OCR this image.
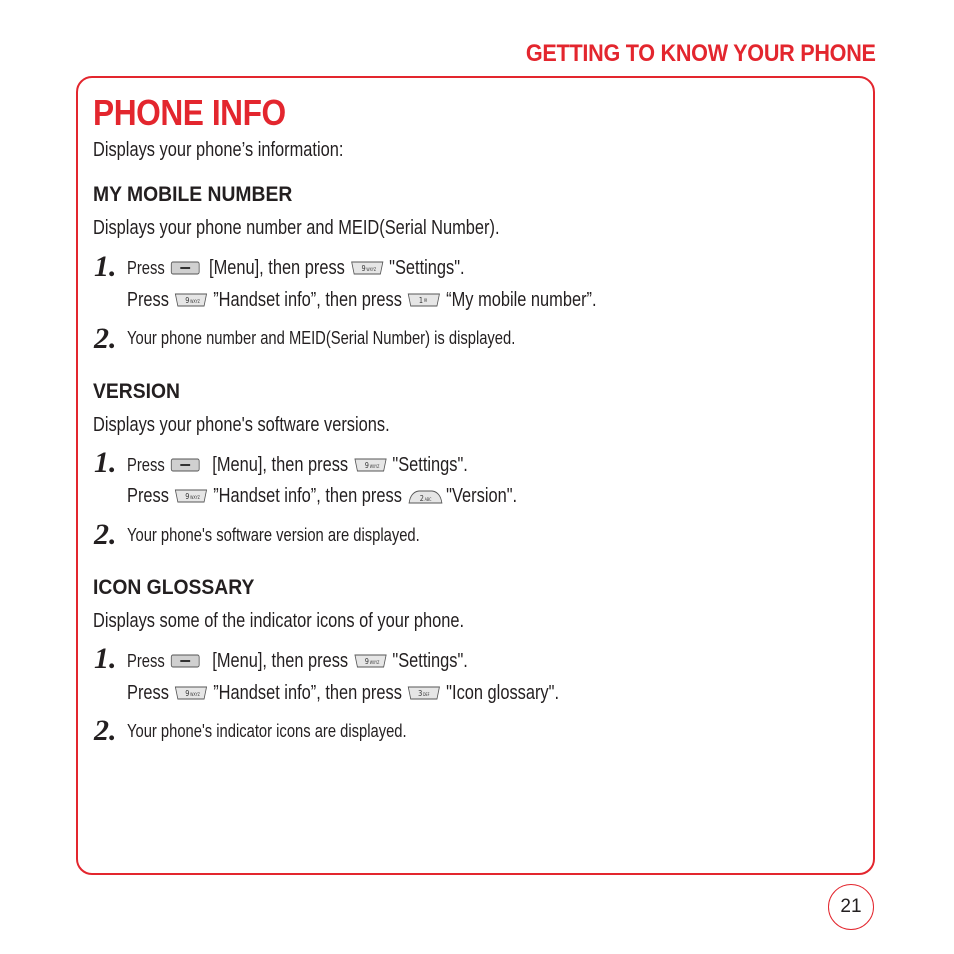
GETTING TO KNOW YOUR PHONE
PHONE INFO
Displays your phone’s information:
MY MOBILE NUMBER
Displays your phone number and MEID(Serial Number).
1. Press [Menu], then press 9 WXYZ "Settings".
Press 9 WXYZ ”Handset info”, then press 1 ✉ “My mobile number”.
2. Your phone number and MEID(Serial Number) is displayed.
VERSION
Displays your phone's software versions.
1. Press [Menu], then press 9 WXYZ "Settings".
Press 9 WXYZ ”Handset info”, then press 2 ABC "Version".
2. Your phone's software version are displayed.
ICON GLOSSARY
Displays some of the indicator icons of your phone.
1. Press [Menu], then press 9 WXYZ "Settings".
Press 9 WXYZ ”Handset info”, then press 3 DEF "Icon glossary".
2. Your phone's indicator icons are displayed.
21
